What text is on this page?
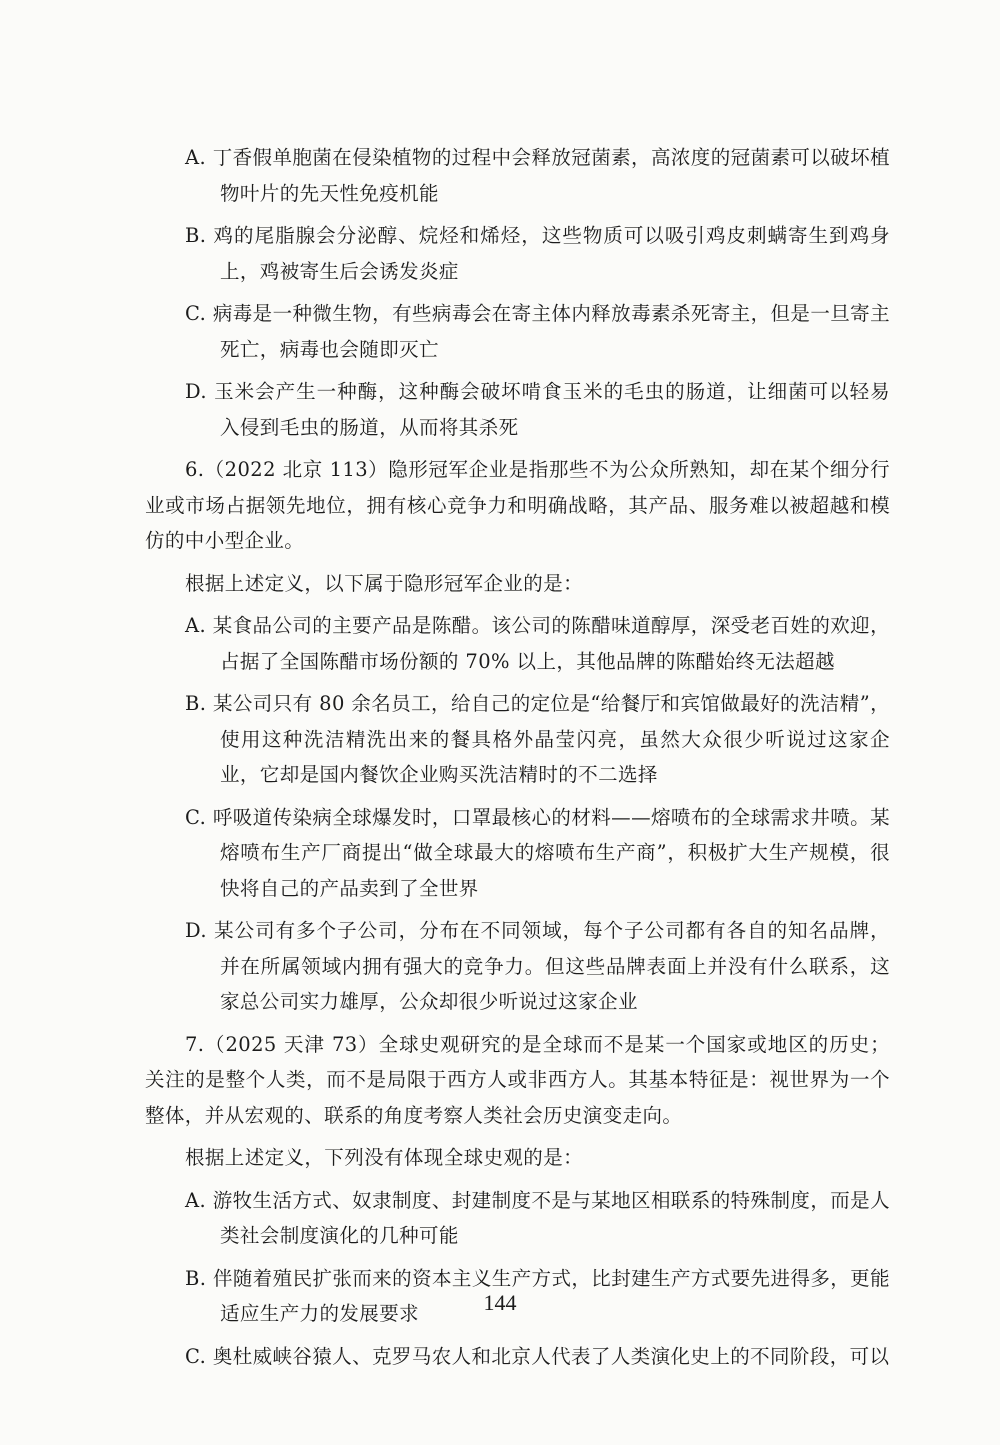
A. 丁香假单胞菌在侵染植物的过程中会释放冠菌素，高浓度的冠菌素可以破坏植物叶片的先天性免疫机能

B. 鸡的尾脂腺会分泌醇、烷烃和烯烃，这些物质可以吸引鸡皮刺螨寄生到鸡身上，鸡被寄生后会诱发炎症

C. 病毒是一种微生物，有些病毒会在寄主体内释放毒素杀死寄主，但是一旦寄主死亡，病毒也会随即灭亡

D. 玉米会产生一种酶，这种酶会破坏啃食玉米的毛虫的肠道，让细菌可以轻易入侵到毛虫的肠道，从而将其杀死

6.（2022 北京 113）隐形冠军企业是指那些不为公众所熟知，却在某个细分行业或市场占据领先地位，拥有核心竞争力和明确战略，其产品、服务难以被超越和模仿的中小型企业。

根据上述定义，以下属于隐形冠军企业的是：

A. 某食品公司的主要产品是陈醋。该公司的陈醋味道醇厚，深受老百姓的欢迎，占据了全国陈醋市场份额的 70% 以上，其他品牌的陈醋始终无法超越

B. 某公司只有 80 余名员工，给自己的定位是“给餐厅和宾馆做最好的洗洁精”，使用这种洗洁精洗出来的餐具格外晶莹闪亮，虽然大众很少听说过这家企业，它却是国内餐饮企业购买洗洁精时的不二选择

C. 呼吸道传染病全球爆发时，口罩最核心的材料——熔喷布的全球需求井喷。某熔喷布生产厂商提出“做全球最大的熔喷布生产商”，积极扩大生产规模，很快将自己的产品卖到了全世界

D. 某公司有多个子公司，分布在不同领域，每个子公司都有各自的知名品牌，并在所属领域内拥有强大的竞争力。但这些品牌表面上并没有什么联系，这家总公司实力雄厚，公众却很少听说过这家企业

7.（2025 天津 73）全球史观研究的是全球而不是某一个国家或地区的历史；关注的是整个人类，而不是局限于西方人或非西方人。其基本特征是：视世界为一个整体，并从宏观的、联系的角度考察人类社会历史演变走向。

根据上述定义，下列没有体现全球史观的是：

A. 游牧生活方式、奴隶制度、封建制度不是与某地区相联系的特殊制度，而是人类社会制度演化的几种可能

B. 伴随着殖民扩张而来的资本主义生产方式，比封建生产方式要先进得多，更能适应生产力的发展要求

C. 奥杜威峡谷猿人、克罗马农人和北京人代表了人类演化史上的不同阶段，可以

144
